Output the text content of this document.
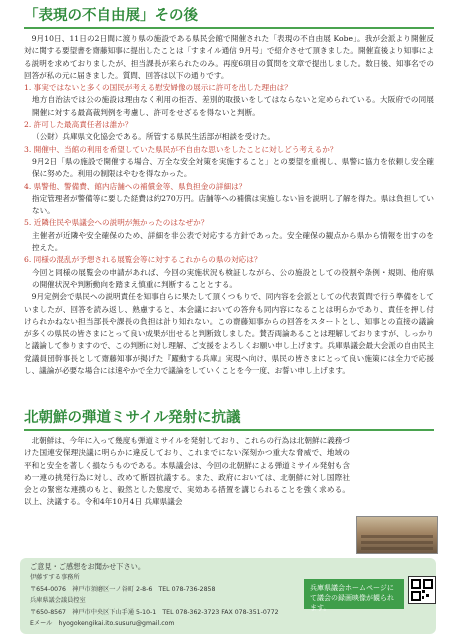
「表現の不自由展」その後

9月10日、11日の2日間に渡り県の施設である県民会館で開催された「表現の不自由展 Kobe」。我が会派より開催反対に関する要望書を齋藤知事に提出したことは「すまイル通信 9月号」で紹介させて頂きました。開催直後より知事による説明を求めておりましたが、担当課長が来られたのみ。再度6項目の質問を文章で提出しました。数日後、知事名での回答が私の元に届きました。質問、回答は以下の通りです。

1. 事実ではないと多くの国民が考える慰安婦像の展示に許可を出した理由は？
地方自治法では公の施設は理由なく利用の拒否、差別的取扱いをしてはならないと定められている。大阪府での同展開催に対する最高裁判例を考慮し、許可をせざるを得ないと判断。
2. 許可した最高責任者は誰か？
（公財）兵庫県文化協会である。所管する県民生活部が相談を受けた。
3. 開催中、当館の利用を希望していた県民が不自由な思いをしたことに対しどう考えるか？
9月2日「県の施設で開催する場合、万全な安全対策を実施すること」との要望を重視し、県警に協力を依頼し安全確保に努めた。利用の制限はやむを得なかった。
4. 県警他、警備費、館内店舗への補償金等、県負担金の詳細は？
指定管理者が警備等に要した経費は約270万円。店舗等への補償は実施しない旨を説明し了解を得た。県は負担していない。
5. 近隣住民や県議会への説明が無かったのはなぜか？
主催者が近隣や安全確保のため、詳細を非公表で対応する方針であった。安全確保の観点から県から情報を出すのを控えた。
6. 同様の混乱が予想される展覧会等に対するこれからの県の対応は？
今回と同様の展覧会の申請があれば、今回の実施状況も検証しながら、公の施設としての役割や条例・規則、他府県の開催状況や判断動向を踏まえ慎重に判断することとする。

9月定例会で県民への説明責任を知事自らに果たして頂くつもりで、同内容を会派としての代表質問で行う準備をしていましたが、回答を読み返し、熟慮すると、本会議においての答弁も同内容になることは明らかであり、責任を押し付けられかねない担当部長や課長の負担は計り知れない。この齋藤知事からの回答をスタートとし、知事との直接の議論が多くの県民の皆さまにとって良い成果が出せると判断致しました。賛否両論あることは理解しておりますが、しっかりと議論して参りますので、この判断に対し理解、ご支援をよろしくお願い申し上げます。兵庫県議会最大会派の自由民主党議員団幹事長として齋藤知事が掲げた『躍動する兵庫』実現へ向け、県民の皆さまにとって良い施策には全力で応援し、議論が必要な場合には速やかで全力で議論をしていくことを今一度、お誓い申し上げます。

北朝鮮の弾道ミサイル発射に抗議

北朝鮮は、今年に入って幾度も弾道ミサイルを発射しており、これらの行為は北朝鮮に義務づけた国連安保理決議に明らかに違反しており、これまでにない深刻かつ重大な脅威で、地域の平和と安全を著しく損なうものである。本県議会は、今回の北朝鮮による弾道ミサイル発射も含め一連の挑発行為に対し、改めて断固抗議する。また、政府においては、北朝鮮に対し国際社会との緊密な連携のもと、毅然とした態度で、実効ある措置を講じられることを強く求める。以上、決議する。令和4年10月4日 兵庫県議会

ご意見・ご感想をお聞かせ下さい。
伊藤すする事務所
〒654-0076　神戸市須磨区一ノ谷町 2-8-6　TEL 078-736-2858
兵庫県議会議員控室
〒650-8567　神戸市中央区下山手通 5-10-1　TEL 078-362-3723 FAX 078-351-0772
Eメール　hyogokengikai.ito.susuru@gmail.com
兵庫県議会ホームページにて議会の録画映像が観られます。
